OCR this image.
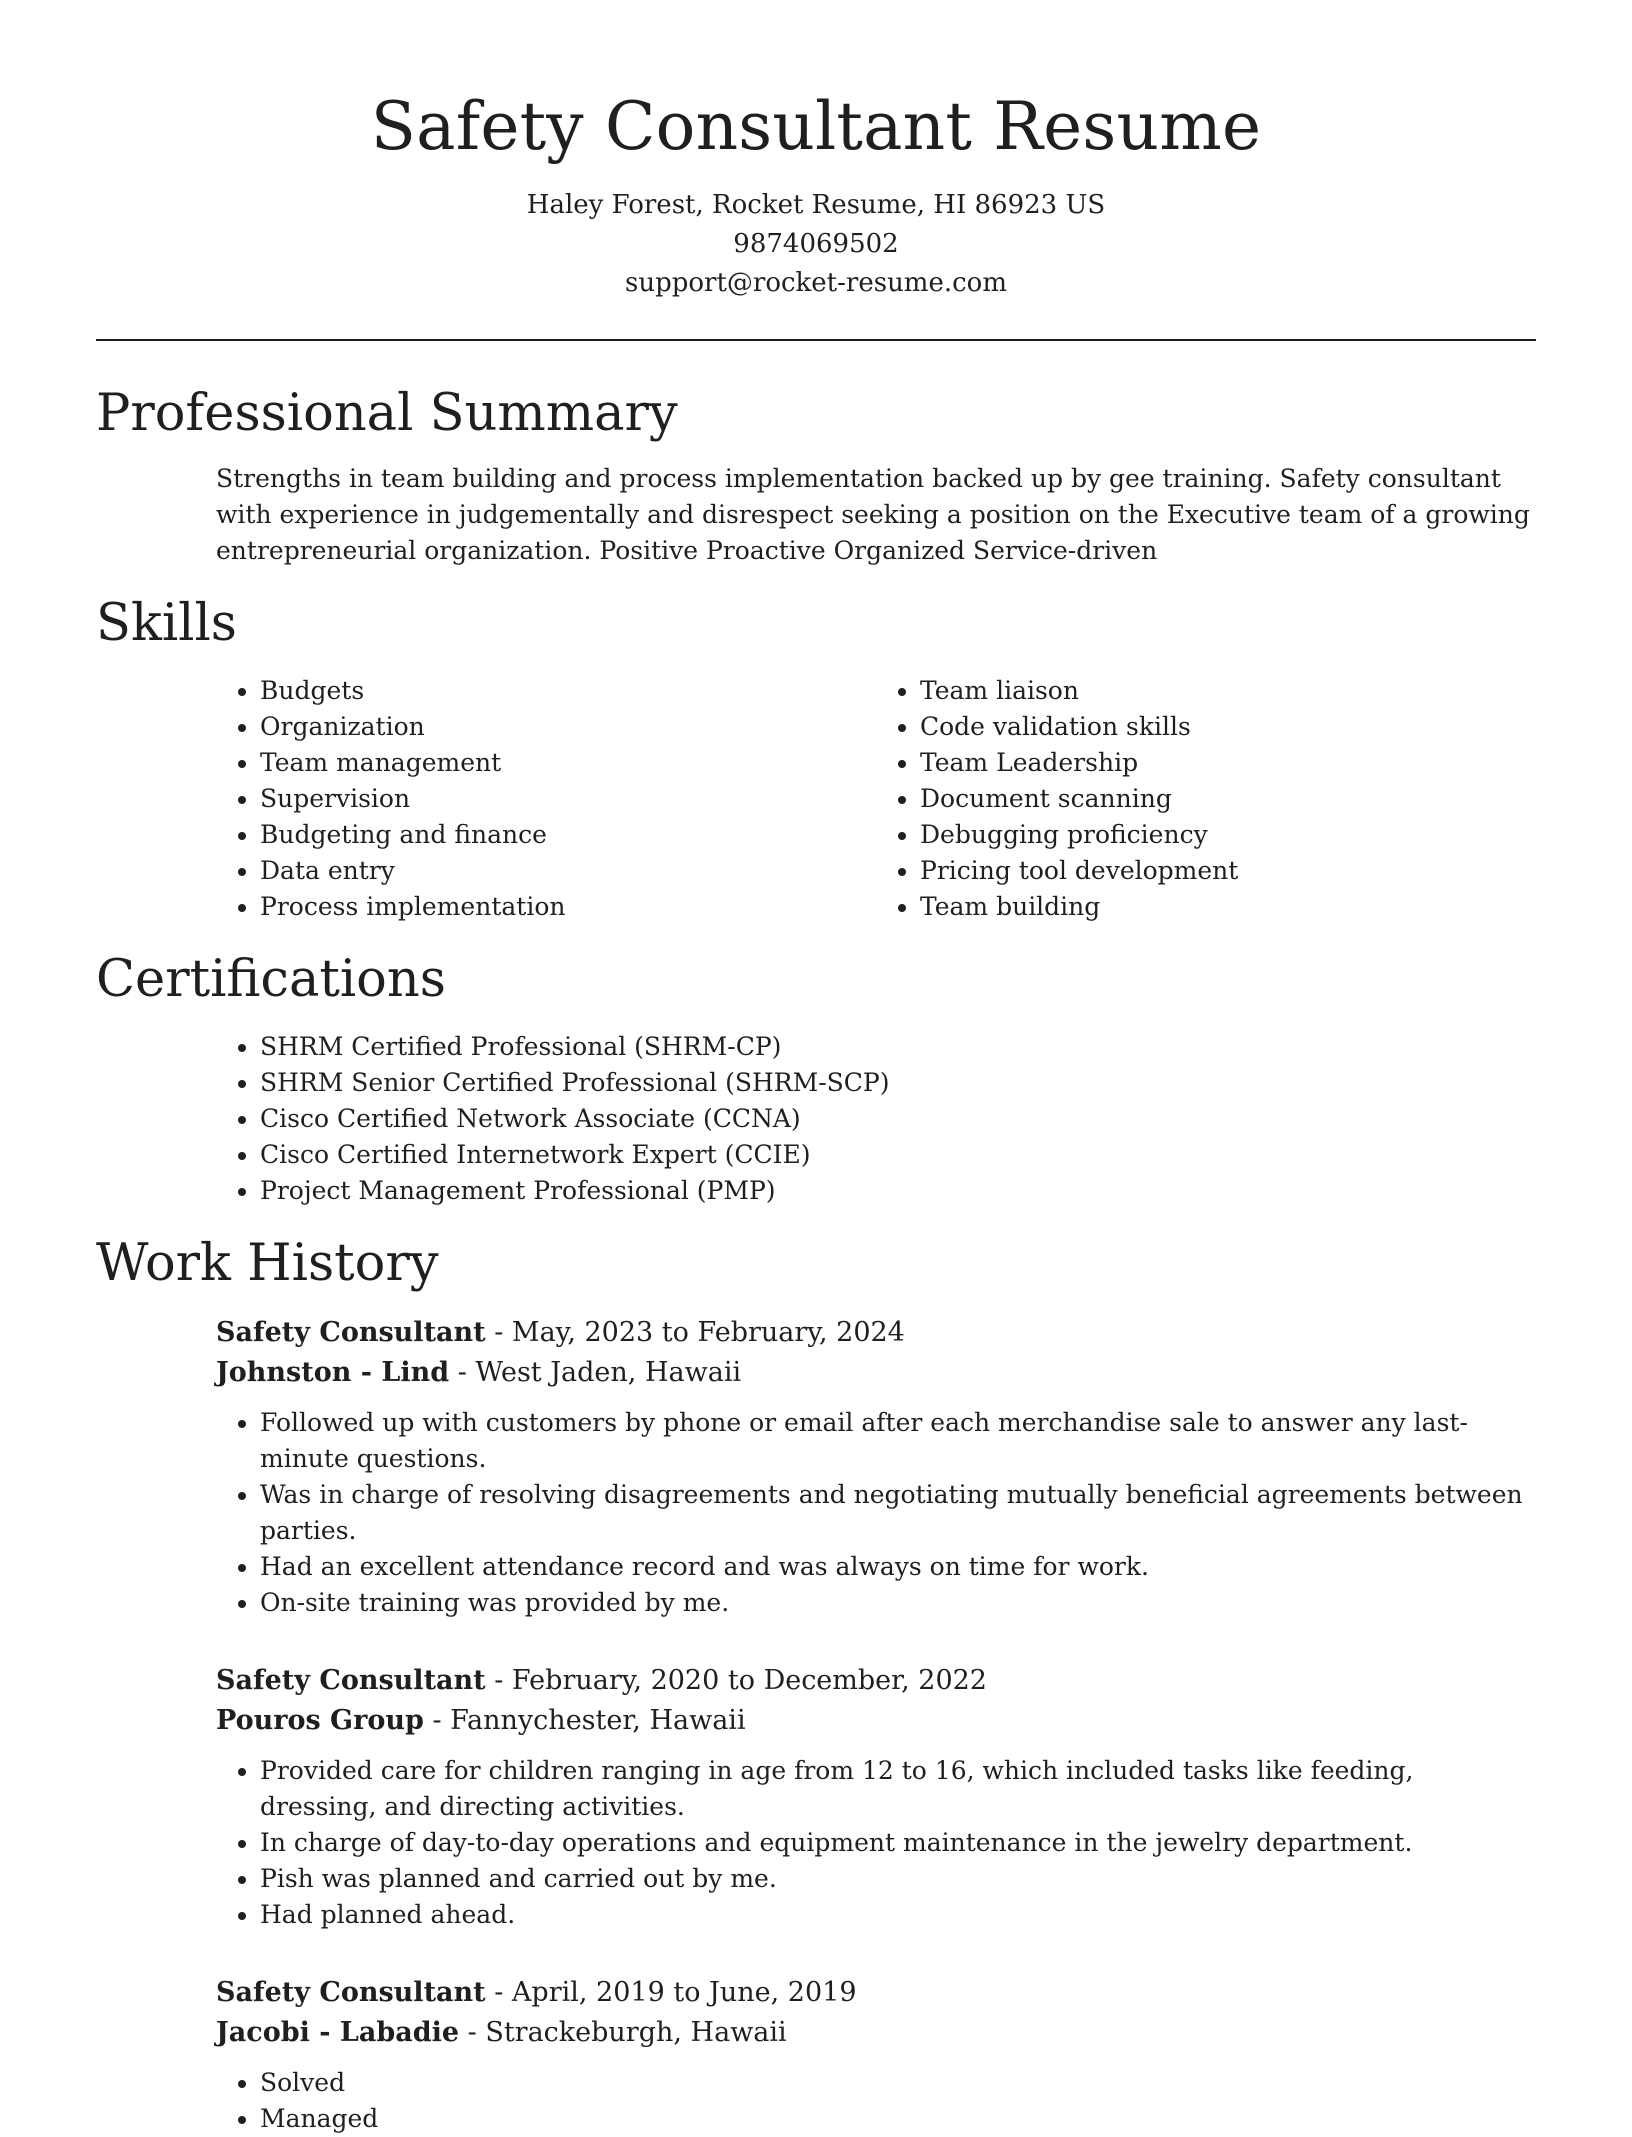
Safety Consultant Resume
Haley Forest, Rocket Resume, HI 86923 US
9874069502
support@rocket-resume.com
Professional Summary

Strengths in team building and process implementation backed up by gee training. Safety consultant with experience in judgementally and disrespect seeking a position on the Executive team of a growing entrepreneurial organization. Positive Proactive Organized Service-driven

Skills
• Budgets
• Organization
• Team management
• Supervision
• Budgeting and finance
• Data entry
• Process implementation
• Team liaison
• Code validation skills
• Team Leadership
• Document scanning
• Debugging proficiency
• Pricing tool development
• Team building
Certifications
• SHRM Certified Professional (SHRM-CP)
• SHRM Senior Certified Professional (SHRM-SCP)
• Cisco Certified Network Associate (CCNA)
• Cisco Certified Internetwork Expert (CCIE)
• Project Management Professional (PMP)
Work History
Safety Consultant - May, 2023 to February, 2024
Johnston - Lind - West Jaden, Hawaii
• Followed up with customers by phone or email after each merchandise sale to answer any last-minute questions.
• Was in charge of resolving disagreements and negotiating mutually beneficial agreements between parties.
• Had an excellent attendance record and was always on time for work.
• On-site training was provided by me.
Safety Consultant - February, 2020 to December, 2022
Pouros Group - Fannychester, Hawaii
• Provided care for children ranging in age from 12 to 16, which included tasks like feeding, dressing, and directing activities.
• In charge of day-to-day operations and equipment maintenance in the jewelry department.
• Pish was planned and carried out by me.
• Had planned ahead.
Safety Consultant - April, 2019 to June, 2019
Jacobi - Labadie - Strackeburgh, Hawaii
• Solved
• Managed
